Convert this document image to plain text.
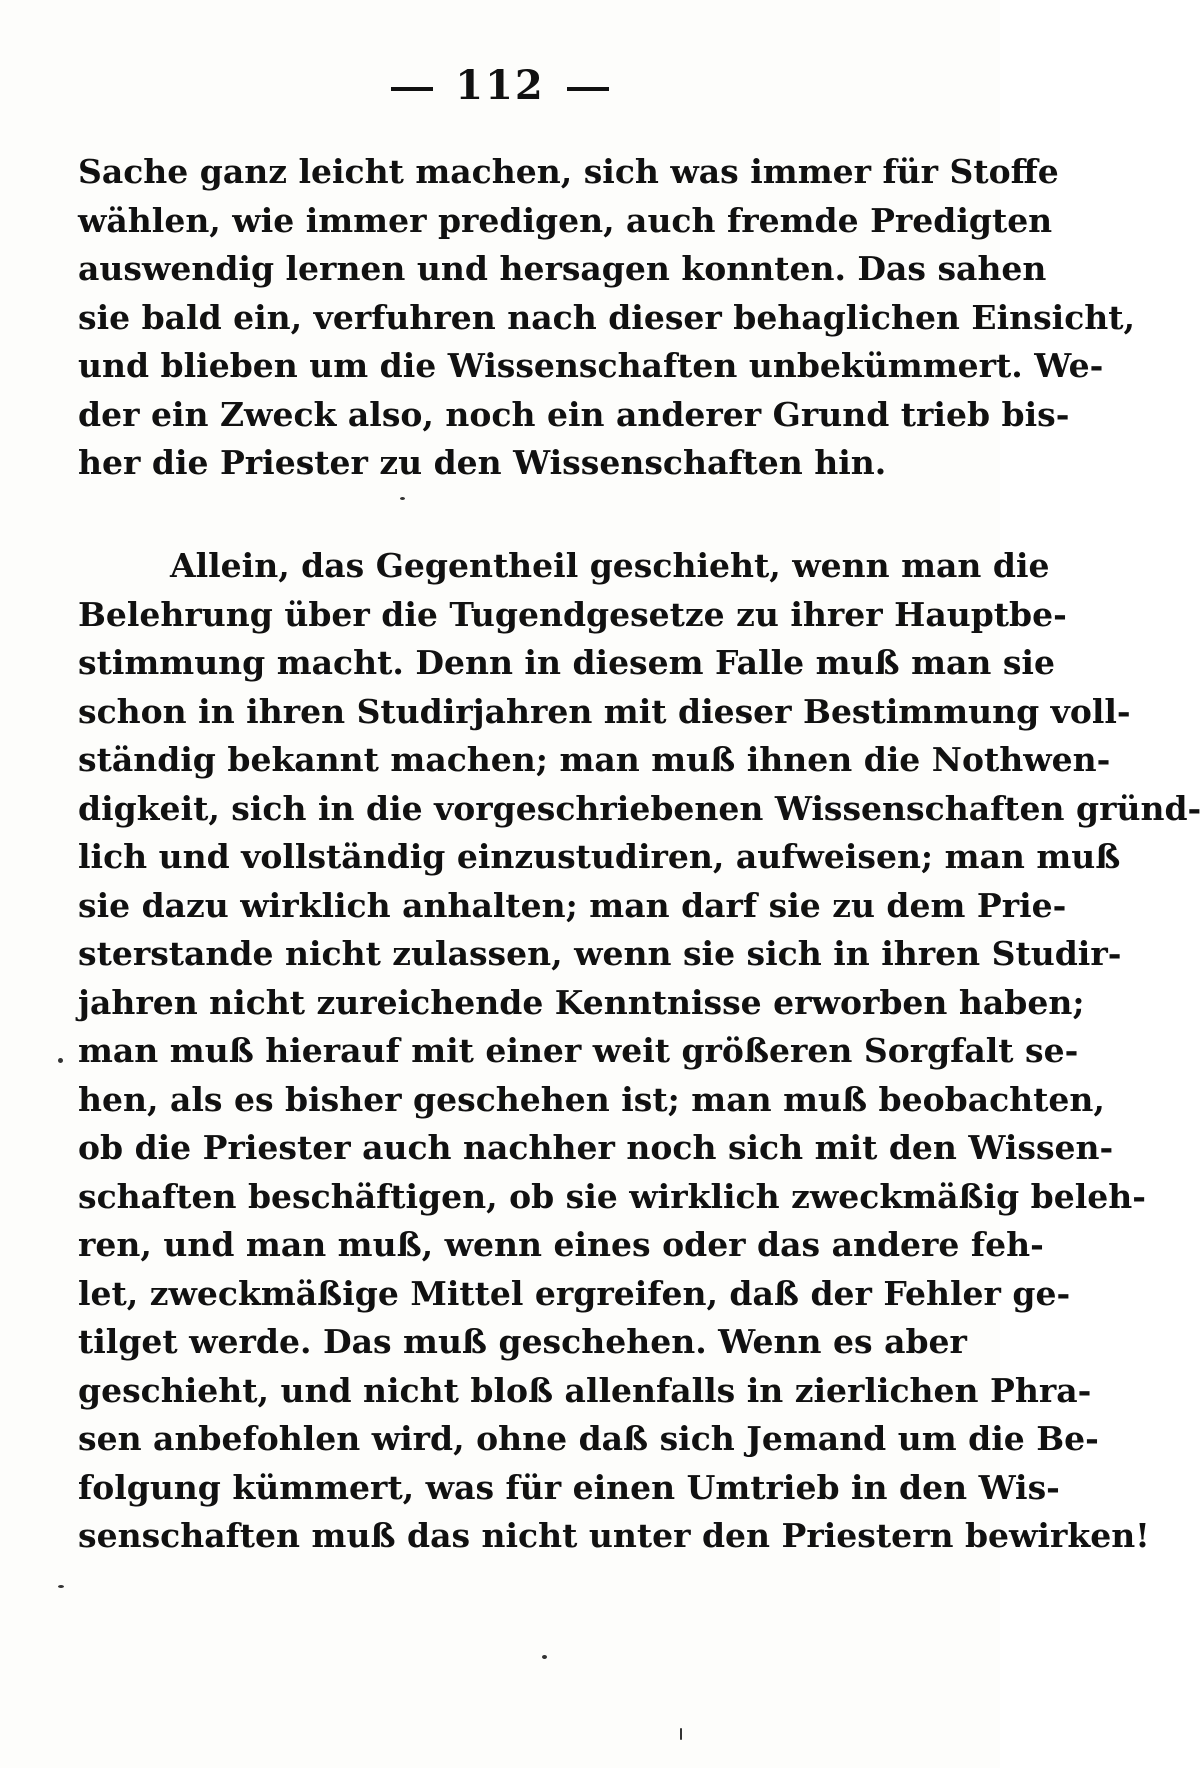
112
Sache ganz leicht machen, sich was immer für Stoffe
wählen, wie immer predigen, auch fremde Predigten
auswendig lernen und hersagen konnten. Das sahen
sie bald ein, verfuhren nach dieser behaglichen Einsicht,
und blieben um die Wissenschaften unbekümmert. We-
der ein Zweck also, noch ein anderer Grund trieb bis-
her die Priester zu den Wissenschaften hin.
Allein, das Gegentheil geschieht, wenn man die
Belehrung über die Tugendgesetze zu ihrer Hauptbe-
stimmung macht. Denn in diesem Falle muß man sie
schon in ihren Studirjahren mit dieser Bestimmung voll-
ständig bekannt machen; man muß ihnen die Nothwen-
digkeit, sich in die vorgeschriebenen Wissenschaften gründ-
lich und vollständig einzustudiren, aufweisen; man muß
sie dazu wirklich anhalten; man darf sie zu dem Prie-
sterstande nicht zulassen, wenn sie sich in ihren Studir-
jahren nicht zureichende Kenntnisse erworben haben;
man muß hierauf mit einer weit größeren Sorgfalt se-
hen, als es bisher geschehen ist; man muß beobachten,
ob die Priester auch nachher noch sich mit den Wissen-
schaften beschäftigen, ob sie wirklich zweckmäßig beleh-
ren, und man muß, wenn eines oder das andere feh-
let, zweckmäßige Mittel ergreifen, daß der Fehler ge-
tilget werde. Das muß geschehen. Wenn es aber
geschieht, und nicht bloß allenfalls in zierlichen Phra-
sen anbefohlen wird, ohne daß sich Jemand um die Be-
folgung kümmert, was für einen Umtrieb in den Wis-
senschaften muß das nicht unter den Priestern bewirken!
